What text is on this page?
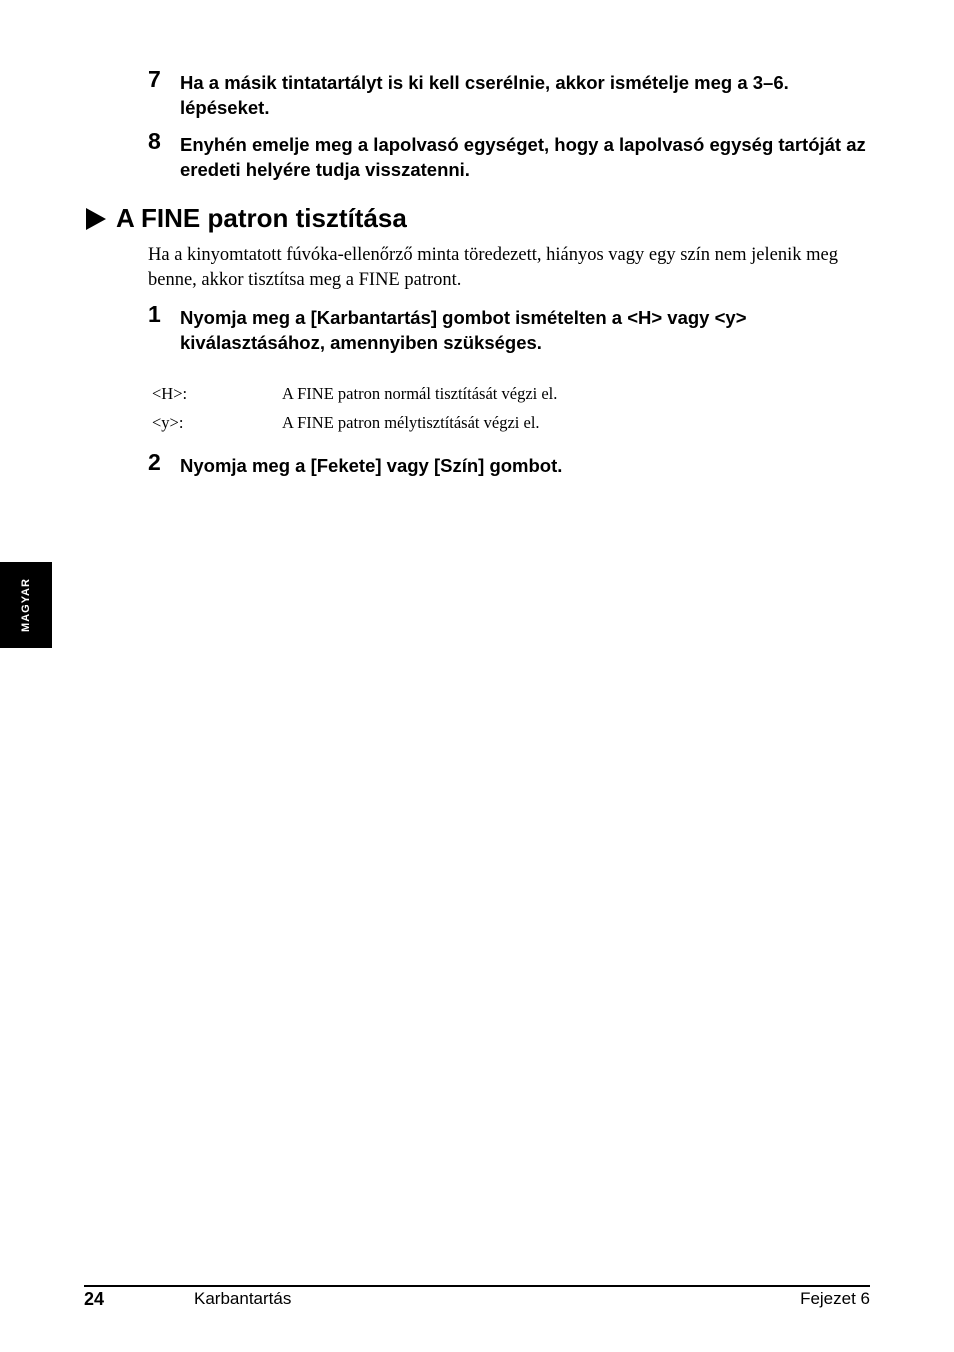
7 Ha a másik tintatartályt is ki kell cserélnie, akkor ismételje meg a 3–6. lépéseket.
8 Enyhén emelje meg a lapolvasó egységet, hogy a lapolvasó egység tartóját az eredeti helyére tudja visszatenni.
A FINE patron tisztítása
Ha a kinyomtatott fúvóka-ellenőrző minta töredezett, hiányos vagy egy szín nem jelenik meg benne, akkor tisztítsa meg a FINE patront.
1 Nyomja meg a [Karbantartás] gombot ismételten a <H> vagy <y> kiválasztásához, amennyiben szükséges.
<H>:	A FINE patron normál tisztítását végzi el.
<y>:	A FINE patron mélytisztítását végzi el.
2 Nyomja meg a [Fekete] vagy [Szín] gombot.
MAGYAR
24	Karbantartás	Fejezet 6
